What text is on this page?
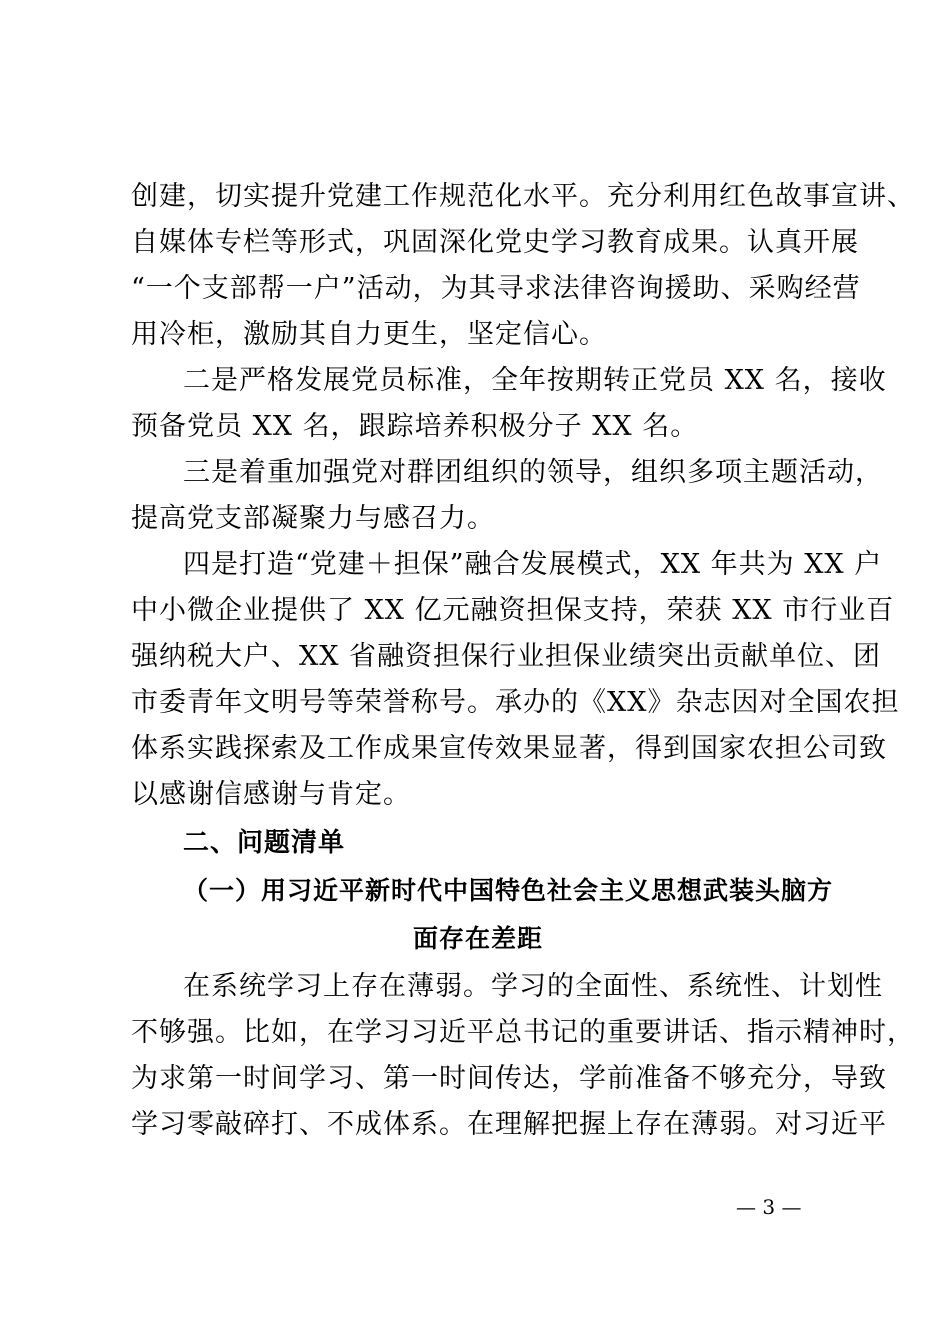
创建，切实提升党建工作规范化水平。充分利用红色故事宣讲、
自媒体专栏等形式，巩固深化党史学习教育成果。认真开展
“一个支部帮一户”活动，为其寻求法律咨询援助、采购经营
用冷柜，激励其自力更生，坚定信心。
二是严格发展党员标准，全年按期转正党员 XX 名，接收
预备党员 XX 名，跟踪培养积极分子 XX 名。
三是着重加强党对群团组织的领导，组织多项主题活动，
提高党支部凝聚力与感召力。
四是打造“党建＋担保”融合发展模式，XX 年共为 XX 户
中小微企业提供了 XX 亿元融资担保支持，荣获 XX 市行业百
强纳税大户、XX 省融资担保行业担保业绩突出贡献单位、团
市委青年文明号等荣誉称号。承办的《XX》杂志因对全国农担
体系实践探索及工作成果宣传效果显著，得到国家农担公司致
以感谢信感谢与肯定。
二、问题清单
（一）用习近平新时代中国特色社会主义思想武装头脑方
面存在差距
在系统学习上存在薄弱。学习的全面性、系统性、计划性
不够强。比如，在学习习近平总书记的重要讲话、指示精神时，
为求第一时间学习、第一时间传达，学前准备不够充分，导致
学习零敲碎打、不成体系。在理解把握上存在薄弱。对习近平
— 3 —
